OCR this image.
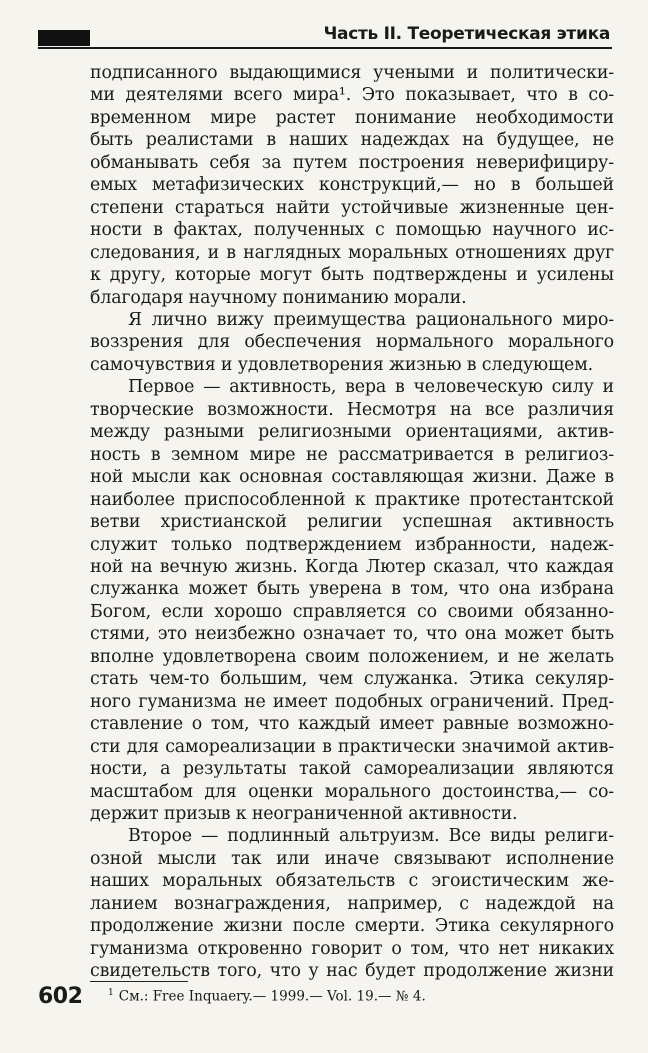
Часть II. Теоретическая этика
подписанного выдающимися учеными и политически-
ми деятелями всего мира¹. Это показывает, что в со-
временном мире растет понимание необходимости
быть реалистами в наших надеждах на будущее, не
обманывать себя за путем построения неверифициру-
емых метафизических конструкций,— но в большей
степени стараться найти устойчивые жизненные цен-
ности в фактах, полученных с помощью научного ис-
следования, и в наглядных моральных отношениях друг
к другу, которые могут быть подтверждены и усилены
благодаря научному пониманию морали.
Я лично вижу преимущества рационального миро-
воззрения для обеспечения нормального морального
самочувствия и удовлетворения жизнью в следующем.
Первое — активность, вера в человеческую силу и
творческие возможности. Несмотря на все различия
между разными религиозными ориентациями, актив-
ность в земном мире не рассматривается в религиоз-
ной мысли как основная составляющая жизни. Даже в
наиболее приспособленной к практике протестантской
ветви христианской религии успешная активность
служит только подтверждением избранности, надеж-
ной на вечную жизнь. Когда Лютер сказал, что каждая
служанка может быть уверена в том, что она избрана
Богом, если хорошо справляется со своими обязанно-
стями, это неизбежно означает то, что она может быть
вполне удовлетворена своим положением, и не желать
стать чем-то большим, чем служанка. Этика секуляр-
ного гуманизма не имеет подобных ограничений. Пред-
ставление о том, что каждый имеет равные возможно-
сти для самореализации в практически значимой актив-
ности, а результаты такой самореализации являются
масштабом для оценки морального достоинства,— со-
держит призыв к неограниченной активности.
Второе — подлинный альтруизм. Все виды религи-
озной мысли так или иначе связывают исполнение
наших моральных обязательств с эгоистическим же-
ланием вознаграждения, например, с надеждой на
продолжение жизни после смерти. Этика секулярного
гуманизма откровенно говорит о том, что нет никаких
свидетельств того, что у нас будет продолжение жизни
602	$^1$ См.: Free Inquaery.— 1999.— Vol. 19.— № 4.
